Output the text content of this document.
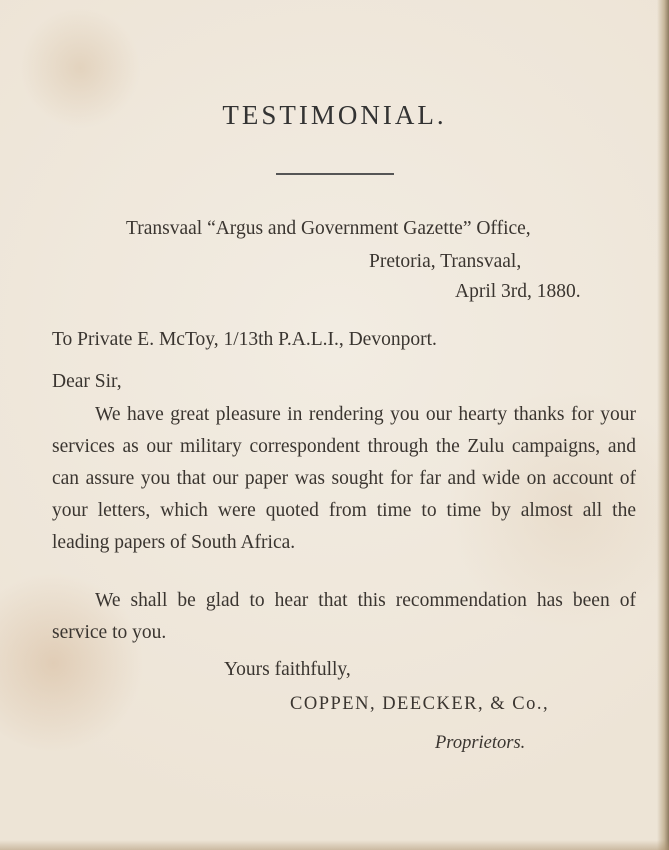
TESTIMONIAL.
Transvaal “Argus and Government Gazette” Office,
Pretoria, Transvaal,
April 3rd, 1880.
To Private E. McToy, 1/13th P.A.L.I., Devonport.
Dear Sir,

We have great pleasure in rendering you our hearty thanks for your services as our military correspondent through the Zulu campaigns, and can assure you that our paper was sought for far and wide on account of your letters, which were quoted from time to time by almost all the leading papers of South Africa.

We shall be glad to hear that this recommendation has been of service to you.

Yours faithfully,
COPPEN, DEECKER, & Co.,
Proprietors.
